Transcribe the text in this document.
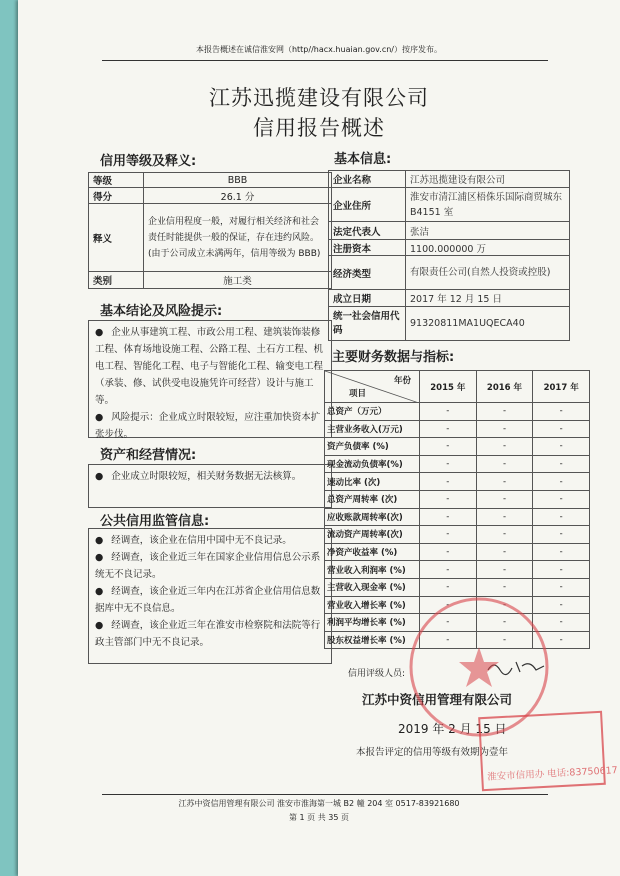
本报告概述在诚信淮安网（http//hacx.huaian.gov.cn/）按序发布。
江苏迅揽建设有限公司
信用报告概述
信用等级及释义:
等级	BBB
得分	26.1 分
释义	企业信用程度一般，对履行相关经济和社会责任时能提供一般的保证，存在违约风险。(由于公司成立未满两年，信用等级为 BBB)
类别	施工类
基本信息:
企业名称	江苏迅揽建设有限公司
企业住所	淮安市清江浦区梧侏乐国际商贸城东 B4151 室
法定代表人	张洁
注册资本	1100.000000 万
经济类型	有限责任公司(自然人投资或控股)
成立日期	2017 年 12 月 15 日
统一社会信用代码	91320811MA1UQECA40
基本结论及风险提示:

● 企业从事建筑工程、市政公用工程、建筑装饰装修工程、体育场地设施工程、公路工程、土石方工程、机电工程、智能化工程、电子与智能化工程、输变电工程（承装、修、试供受电设施凭许可经营）设计与施工等。

● 风险提示：企业成立时限较短，应注重加快资本扩张步伐。

资产和经营情况:

● 企业成立时限较短，相关财务数据无法核算。

公共信用监管信息:

● 经调查，该企业在信用中国中无不良记录。

● 经调查，该企业近三年在国家企业信用信息公示系统无不良记录。

● 经调查，该企业近三年内在江苏省企业信用信息数据库中无不良信息。

● 经调查，该企业近三年在淮安市检察院和法院等行政主管部门中无不良记录。

主要财务数据与指标:
年份
项目	2015 年	2016 年	2017 年
总资产（万元）	-	-	-
主营业务收入(万元)	-	-	-
资产负债率 (%)	-	-	-
现金流动负债率(%)	-	-	-
速动比率 (次)	-	-	-
总资产周转率 (次)	-	-	-
应收账款周转率(次)	-	-	-
流动资产周转率(次)	-	-	-
净资产收益率 (%)	-	-	-
营业收入利润率 (%)	-	-	-
主营收入现金率 (%)	-	-	-
营业收入增长率 (%)	-	-	-
利润平均增长率 (%)	-	-	-
股东权益增长率 (%)	-	-	-
信用评级人员:
江苏中资信用管理有限公司
2019 年 2 月 15 日
本报告评定的信用等级有效期为壹年
淮安市信用办 电话:83750617
江苏中资信用管理有限公司 淮安市淮海第一城 B2 幢 204 室 0517-83921680
第 1 页 共 35 页
